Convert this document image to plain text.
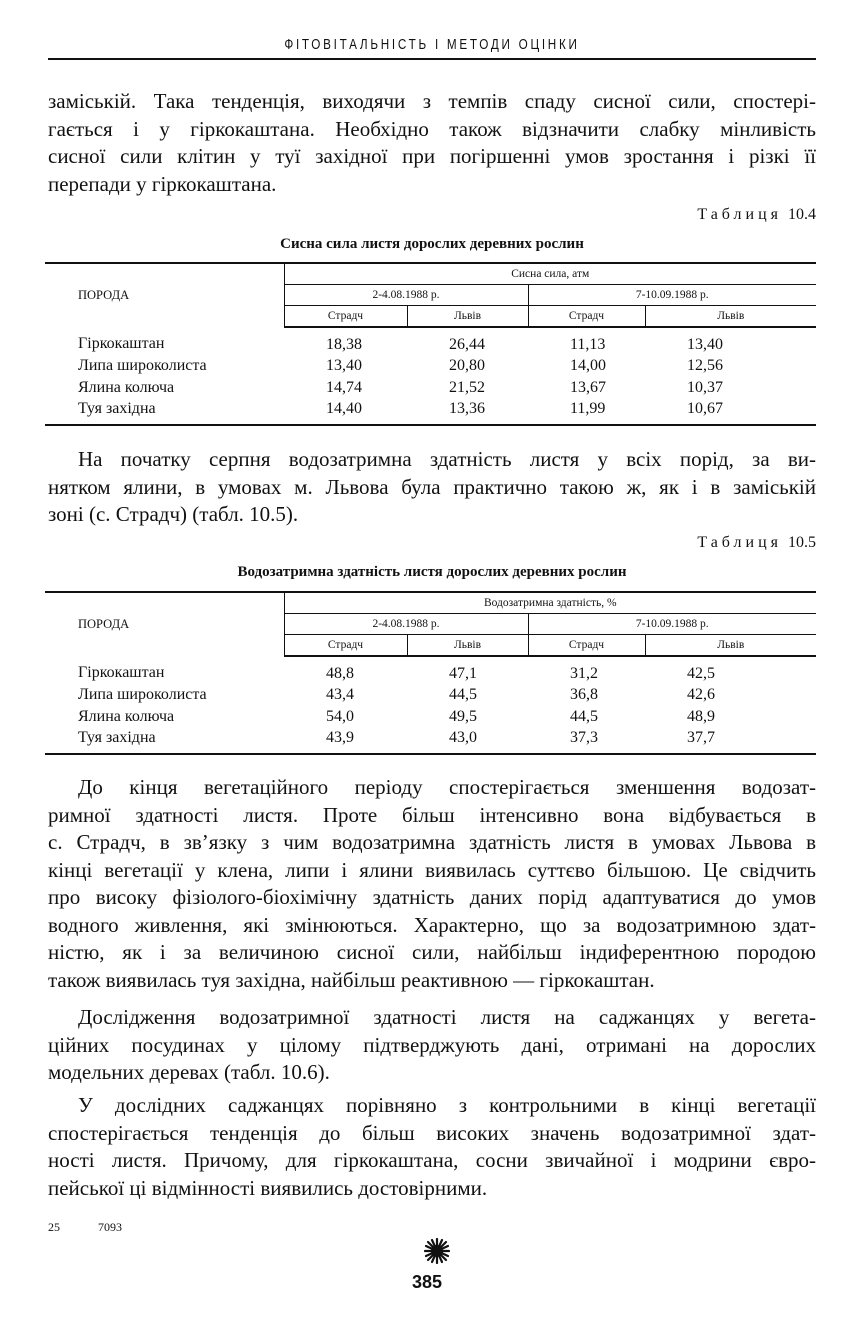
ФІТОВІТАЛЬНІСТЬ І МЕТОДИ ОЦІНКИ
заміській. Така тенденція, виходячи з темпів спаду сисної сили, спостері-
гається і у гіркокаштана. Необхідно також відзначити слабку мінливість
сисної сили клітин у туї західної при погіршенні умов зростання і різкі її
перепади у гіркокаштана.
Таблиця 10.4
Сисна сила листя дорослих деревних рослин
ПОРОДА	Сисна сила, атм			
	2-4.08.1988 р.		7-10.09.1988 р.	
	Страдч	Львів	Страдч	Львів
Гіркокаштан	18,38	26,44	11,13	13,40
Липа широколиста	13,40	20,80	14,00	12,56
Ялина колюча	14,74	21,52	13,67	10,37
Туя західна	14,40	13,36	11,99	10,67
На початку серпня водозатримна здатність листя у всіх порід, за ви-
нятком ялини, в умовах м. Львова була практично такою ж, як і в заміській
зоні (с. Страдч) (табл. 10.5).
Таблиця 10.5
Водозатримна здатність листя дорослих деревних рослин
ПОРОДА	Водозатримна здатність, %			
	2-4.08.1988 р.		7-10.09.1988 р.	
	Страдч	Львів	Страдч	Львів
Гіркокаштан	48,8	47,1	31,2	42,5
Липа широколиста	43,4	44,5	36,8	42,6
Ялина колюча	54,0	49,5	44,5	48,9
Туя західна	43,9	43,0	37,3	37,7
До кінця вегетаційного періоду спостерігається зменшення водозат-
римної здатності листя. Проте більш інтенсивно вона відбувається в
с. Страдч, в зв’язку з чим водозатримна здатність листя в умовах Львова в
кінці вегетації у клена, липи і ялини виявилась суттєво більшою. Це свідчить
про високу фізіолого-біохімічну здатність даних порід адаптуватися до умов
водного живлення, які змінюються. Характерно, що за водозатримною здат-
ністю, як і за величиною сисної сили, найбільш індиферентною породою
також виявилась туя західна, найбільш реактивною — гіркокаштан.
Дослідження водозатримної здатності листя на саджанцях у вегета-
ційних посудинах у цілому підтверджують дані, отримані на дорослих
модельних деревах (табл. 10.6).
У дослідних саджанцях порівняно з контрольними в кінці вегетації
спостерігається тенденція до більш високих значень водозатримної здат-
ності листя. Причому, для гіркокаштана, сосни звичайної і модрини євро-
пейської ці відмінності виявились достовірними.
25	7093
385
